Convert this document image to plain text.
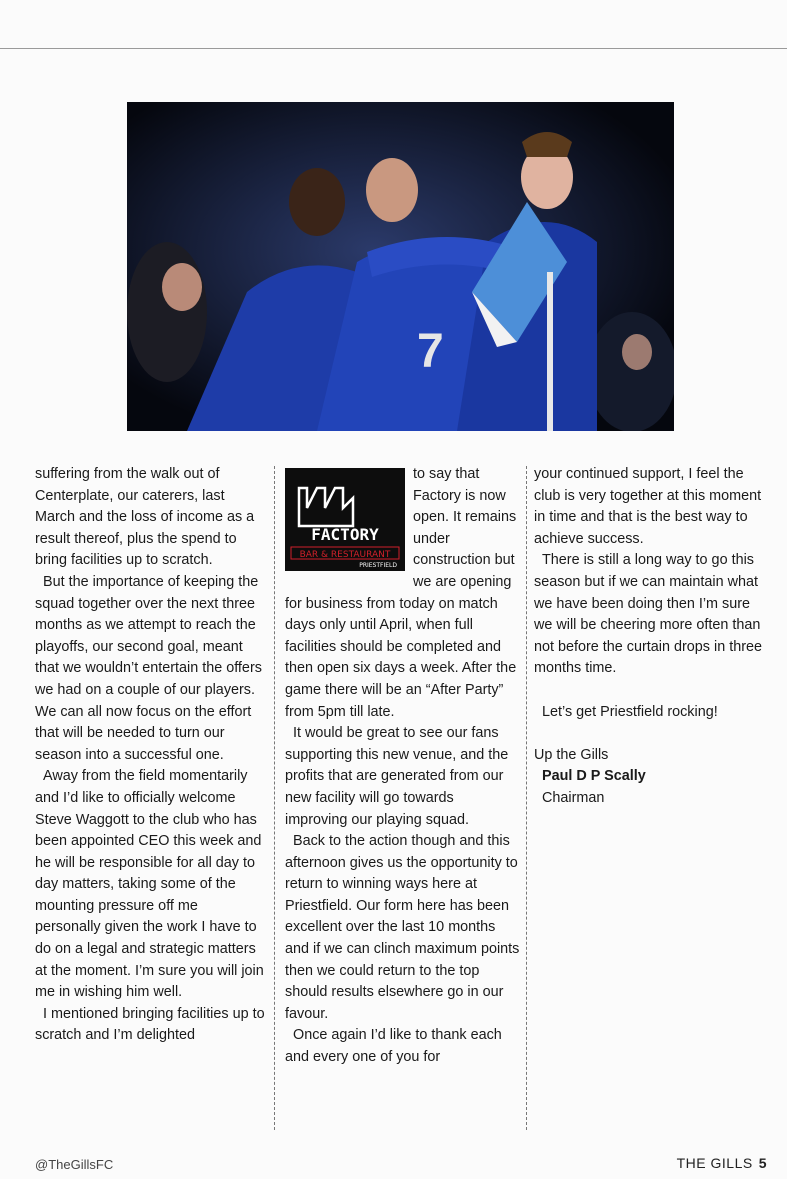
7

suffering from the walk out of Centerplate, our caterers, last March and the loss of income as a result thereof, plus the spend to bring facilities up to scratch.

But the importance of keeping the squad together over the next three months as we attempt to reach the playoffs, our second goal, meant that we wouldn’t entertain the offers we had on a couple of our players. We can all now focus on the effort that will be needed to turn our season into a successful one.

Away from the field momentarily and I’d like to officially welcome Steve Waggott to the club who has been appointed CEO this week and he will be responsible for all day to day matters, taking some of the mounting pressure off me personally given the work I have to do on a legal and strategic matters at the moment. I’m sure you will join me in wishing him well.

I mentioned bringing facilities up to scratch and I’m delighted

FACTORY
BAR & RESTAURANT
PRIESTFIELD

to say that Factory is now open. It remains under construction but we are opening for business from today on match days only until April, when full facilities should be completed and then open six days a week. After the game there will be an “After Party” from 5pm till late.

It would be great to see our fans supporting this new venue, and the profits that are generated from our new facility will go towards improving our playing squad.

Back to the action though and this afternoon gives us the opportunity to return to winning ways here at Priestfield. Our form here has been excellent over the last 10 months and if we can clinch maximum points then we could return to the top should results elsewhere go in our favour.

Once again I’d like to thank each and every one of you for

your continued support, I feel the club is very together at this moment in time and that is the best way to achieve success.

There is still a long way to go this season but if we can maintain what we have been doing then I’m sure we will be cheering more often than not before the curtain drops in three months time.

Let’s get Priestfield rocking!

Up the Gills

Paul D P Scally

Chairman

@TheGillsFC	THE GILLS 5
